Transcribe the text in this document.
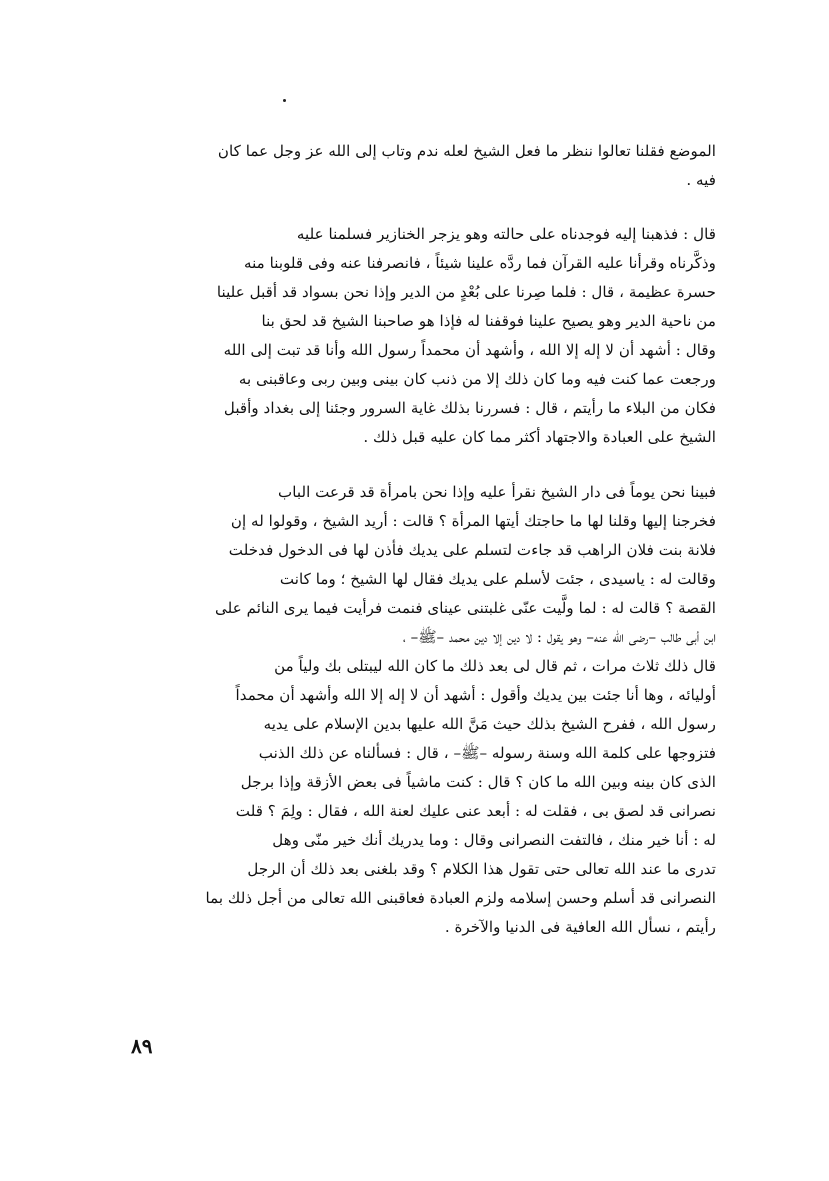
الموضع فقلنا تعالوا ننظر ما فعل الشيخ لعله ندم وتاب إلى الله عز وجل عما كان
فيه .

قال : فذهبنا إليه فوجدناه على حالته وهو يزجر الخنازير فسلمنا عليه
وذكَّرناه وقرأنا عليه القرآن فما ردَّه علينا شيئاً ، فانصرفنا عنه وفى قلوبنا منه
حسرة عظيمة ، قال : فلما صِرنا على بُعْدٍ من الدير وإذا نحن بسواد قد أقبل علينا
من ناحية الدير وهو يصيح علينا فوقفنا له فإذا هو صاحبنا الشيخ قد لحق بنا
وقال : أشهد أن لا إله إلا الله ، وأشهد أن محمداً رسول الله وأنا قد تبت إلى الله
ورجعت عما كنت فيه وما كان ذلك إلا من ذنب كان بينى وبين ربى وعاقبنى به
فكان من البلاء ما رأيتم ، قال : فسررنا بذلك غاية السرور وجئنا إلى بغداد وأقبل
الشيخ على العبادة والاجتهاد أكثر مما كان عليه قبل ذلك .

فبينا نحن يوماً فى دار الشيخ نقرأ عليه وإذا نحن بامرأة قد قرعت الباب
فخرجنا إليها وقلنا لها ما حاجتك أيتها المرأة ؟ قالت : أريد الشيخ ، وقولوا له إن
فلانة بنت فلان الراهب قد جاءت لتسلم على يديك فأذن لها فى الدخول فدخلت
وقالت له : ياسيدى ، جئت لأسلم على يديك فقال لها الشيخ ؛ وما كانت
القصة ؟ قالت له : لما ولَّيت عنّى غلبتنى عيناى فنمت فرأيت فيما يرى النائم على
ابن أبى طالب –رضى الله عنه– وهو يقول : لا دين إلا دين محمد –ﷺ– ،
قال ذلك ثلاث مرات ، ثم قال لى بعد ذلك ما كان الله ليبتلى بك ولياً من
أوليائه ، وها أنا جئت بين يديك وأقول : أشهد أن لا إله إلا الله وأشهد أن محمداً
رسول الله ، ففرح الشيخ بذلك حيث مَنَّ الله عليها بدين الإسلام على يديه
فتزوجها على كلمة الله وسنة رسوله –ﷺ– ، قال : فسألناه عن ذلك الذنب
الذى كان بينه وبين الله ما كان ؟ قال : كنت ماشياً فى بعض الأزقة وإذا برجل
نصرانى قد لصق بى ، فقلت له : أبعد عنى عليك لعنة الله ، فقال : ولِمَ ؟ قلت
له : أنا خير منك ، فالتفت النصرانى وقال : وما يدريك أنك خير منّى وهل
تدرى ما عند الله تعالى حتى تقول هذا الكلام ؟ وقد بلغنى بعد ذلك أن الرجل
النصرانى قد أسلم وحسن إسلامه ولزم العبادة فعاقبنى الله تعالى من أجل ذلك بما
رأيتم ، نسأل الله العافية فى الدنيا والآخرة .

٨٩
